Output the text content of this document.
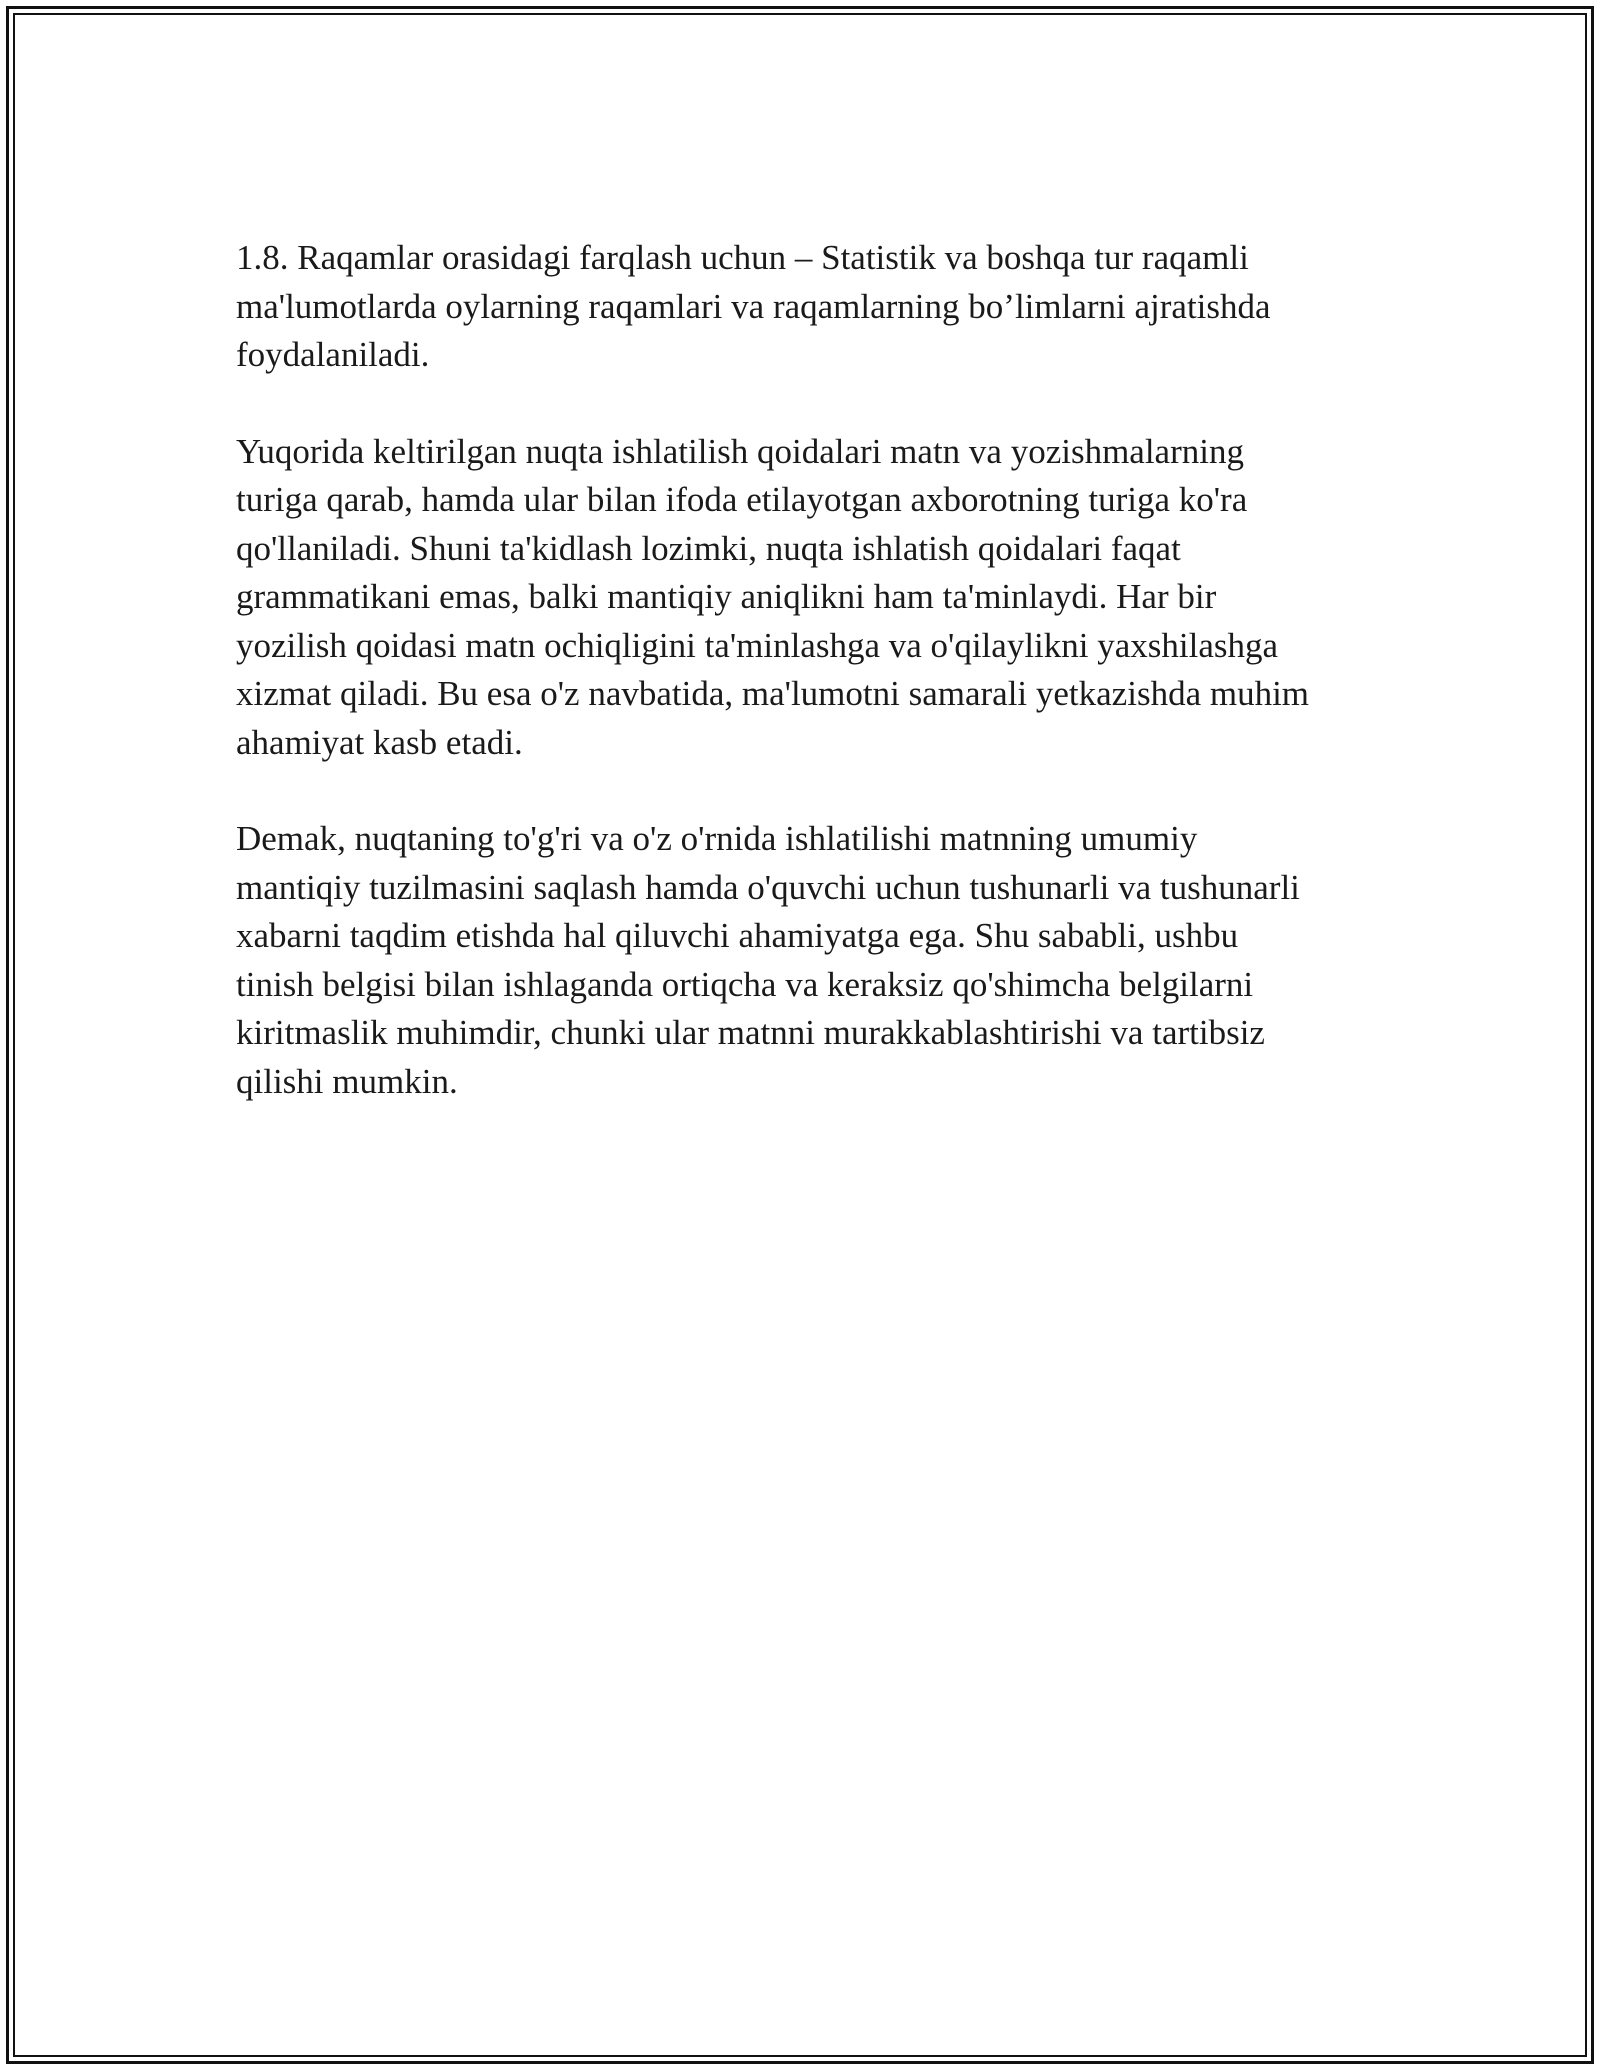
1.8. Raqamlar orasidagi farqlash uchun – Statistik va boshqa tur raqamli
ma'lumotlarda oylarning raqamlari va raqamlarning bo’limlarni ajratishda
foydalaniladi.

Yuqorida keltirilgan nuqta ishlatilish qoidalari matn va yozishmalarning
turiga qarab, hamda ular bilan ifoda etilayotgan axborotning turiga ko'ra
qo'llaniladi. Shuni ta'kidlash lozimki, nuqta ishlatish qoidalari faqat
grammatikani emas, balki mantiqiy aniqlikni ham ta'minlaydi. Har bir
yozilish qoidasi matn ochiqligini ta'minlashga va o'qilaylikni yaxshilashga
xizmat qiladi. Bu esa o'z navbatida, ma'lumotni samarali yetkazishda muhim
ahamiyat kasb etadi.

Demak, nuqtaning to'g'ri va o'z o'rnida ishlatilishi matnning umumiy
mantiqiy tuzilmasini saqlash hamda o'quvchi uchun tushunarli va tushunarli
xabarni taqdim etishda hal qiluvchi ahamiyatga ega. Shu sababli, ushbu
tinish belgisi bilan ishlaganda ortiqcha va keraksiz qo'shimcha belgilarni
kiritmaslik muhimdir, chunki ular matnni murakkablashtirishi va tartibsiz
qilishi mumkin.
